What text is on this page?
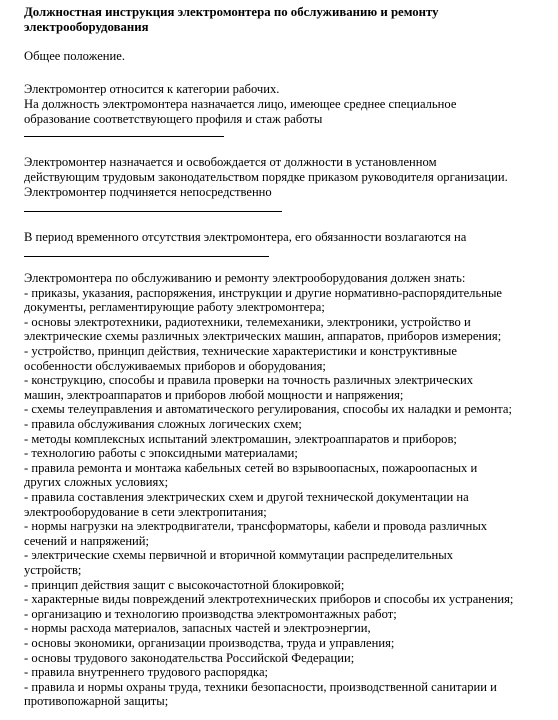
Должностная инструкция электромонтера по обслуживанию и ремонту электрооборудования

Общее положение.

Электромонтер относится к категории рабочих.

На должность электромонтера назначается лицо, имеющее среднее специальное

образование соответствующего профиля и стаж работы

Электромонтер назначается и освобождается от должности в установленном

действующим трудовым законодательством порядке приказом руководителя организации.

Электромонтер подчиняется непосредственно

В период временного отсутствия электромонтера, его обязанности возлагаются на

Электромонтера по обслуживанию и ремонту электрооборудования должен знать:

- приказы, указания, распоряжения, инструкции и другие нормативно-распорядительные

документы, регламентирующие работу электромонтера;

- основы электротехники, радиотехники, телемеханики, электроники, устройство и

электрические схемы различных электрических машин, аппаратов, приборов измерения;

- устройство, принцип действия, технические характеристики и конструктивные

особенности обслуживаемых приборов и оборудования;

- конструкцию, способы и правила проверки на точность различных электрических

машин, электроаппаратов и приборов любой мощности и напряжения;

- схемы телеуправления и автоматического регулирования, способы их наладки и ремонта;

- правила обслуживания сложных логических схем;

- методы комплексных испытаний электромашин, электроаппаратов и приборов;

- технологию работы с эпоксидными материалами;

- правила ремонта и монтажа кабельных сетей во взрывоопасных, пожароопасных и

других сложных условиях;

- правила составления электрических схем и другой технической документации на

электрооборудование в сети электропитания;

- нормы нагрузки на электродвигатели, трансформаторы, кабели и провода различных

сечений и напряжений;

- электрические схемы первичной и вторичной коммутации распределительных

устройств;

- принцип действия защит с высокочастотной блокировкой;

- характерные виды повреждений электротехнических приборов и способы их устранения;

- организацию и технологию производства электромонтажных работ;

- нормы расхода материалов, запасных частей и электроэнергии,

- основы экономики, организации производства, труда и управления;

- основы трудового законодательства Российской Федерации;

- правила внутреннего трудового распорядка;

- правила и нормы охраны труда, техники безопасности, производственной санитарии и

противопожарной защиты;
